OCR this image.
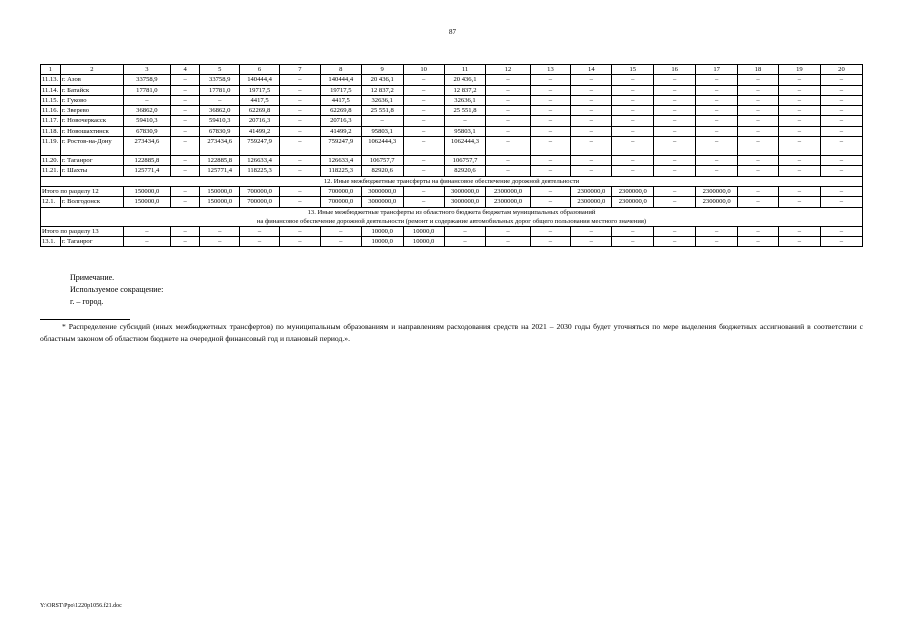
87
1	2	3	4	5	6	7	8	9	10	11	12	13	14	15	16	17	18	19	20
11.13.	г. Азов	33758,9	–	33758,9	140444,4	–	140444,4	20 436,1	–	20 436,1	–	–	–	–	–	–	–	–	–
11.14.	г. Батайск	17781,0	–	17781,0	19717,5	–	19717,5	12 837,2	–	12 837,2	–	–	–	–	–	–	–	–	–
11.15.	г. Гуково	–	–	–	4417,5	–	4417,5	32636,1	–	32636,1	–	–	–	–	–	–	–	–	–
11.16.	г. Зверево	36862,0	–	36862,0	62269,8	–	62269,8	25 551,8	–	25 551,8	–	–	–	–	–	–	–	–	–
11.17.	г. Новочеркасск	59410,3	–	59410,3	20716,3	–	20716,3	–	–	–	–	–	–	–	–	–	–	–	–
11.18.	г. Новошахтинск	67830,9	–	67830,9	41499,2	–	41499,2	95803,1	–	95803,1	–	–	–	–	–	–	–	–	–
11.19.	г. Ростов-на-Дону	273434,6	–	273434,6	759247,9	–	759247,9	1062444,3	–	1062444,3	–	–	–	–	–	–	–	–	–
11.20.	г. Таганрог	122885,8	–	122885,8	126633,4	–	126633,4	106757,7	–	106757,7	–	–	–	–	–	–	–	–	–
11.21.	г. Шахты	125771,4	–	125771,4	118225,3	–	118225,3	82920,6	–	82920,6	–	–	–	–	–	–	–	–	–
12. Иные межбюджетные трансферты на финансовое обеспечение дорожной деятельности																			
Итого по разделу 12		150000,0	–	150000,0	700000,0	–	700000,0	3000000,0	–	3000000,0	2300000,0	–	2300000,0	2300000,0	–	2300000,0	–	–	–
12.1.	г. Волгодонск	150000,0	–	150000,0	700000,0	–	700000,0	3000000,0	–	3000000,0	2300000,0	–	2300000,0	2300000,0	–	2300000,0	–	–	–

13. Иные межбюджетные трансферты из областного бюджета бюджетам муниципальных образований
на финансовое обеспечение дорожной деятельности (ремонт и содержание автомобильных дорог общего пользования местного значения)																			

Итого по разделу 13		–	–	–	–	–	–	10000,0	10000,0	–	–	–	–	–	–	–	–	–	–
13.1.	г. Таганрог	–	–	–	–	–	–	10000,0	10000,0	–	–	–	–	–	–	–	–	–	–
Примечание.
Используемое сокращение:
г. – город.
* Распределение субсидий (иных межбюджетных трансфертов) по муниципальным образованиям и направлениям расходования средств на 2021 – 2030 годы будет уточняться по мере выделения бюджетных ассигнований в соответствии с областным законом об областном бюджете на очередной финансовый год и плановый период.».
Y:\ORST\Ppo\1220p1056.f21.doc
